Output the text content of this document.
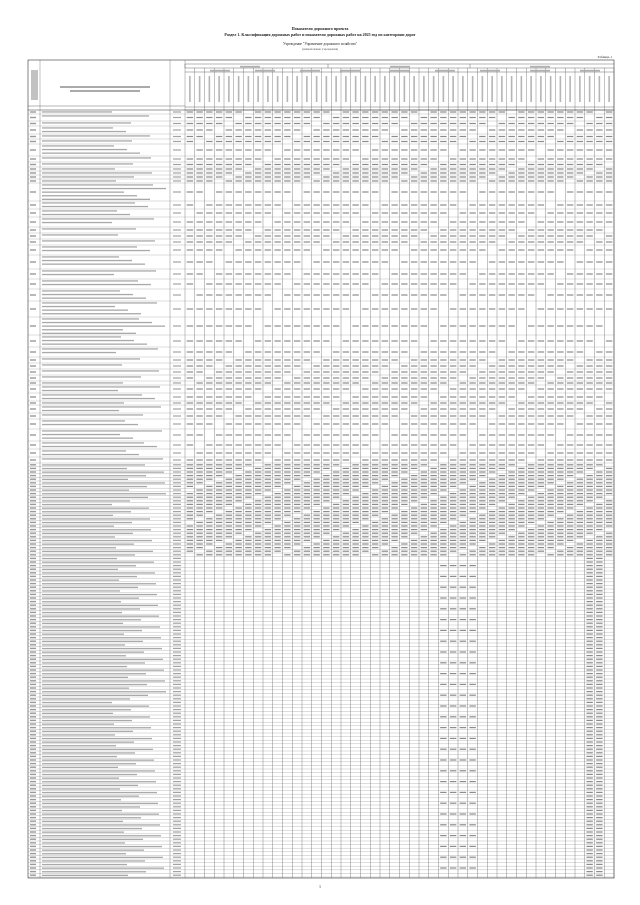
Показатели дорожного проекта
Раздел 1. Классификация дорожных работ и показатели дорожных работ на 2025 год по категориям дорог
Учреждение "Управление дорожного хозяйства"
(наименование учреждения)
Таблица 1
1
